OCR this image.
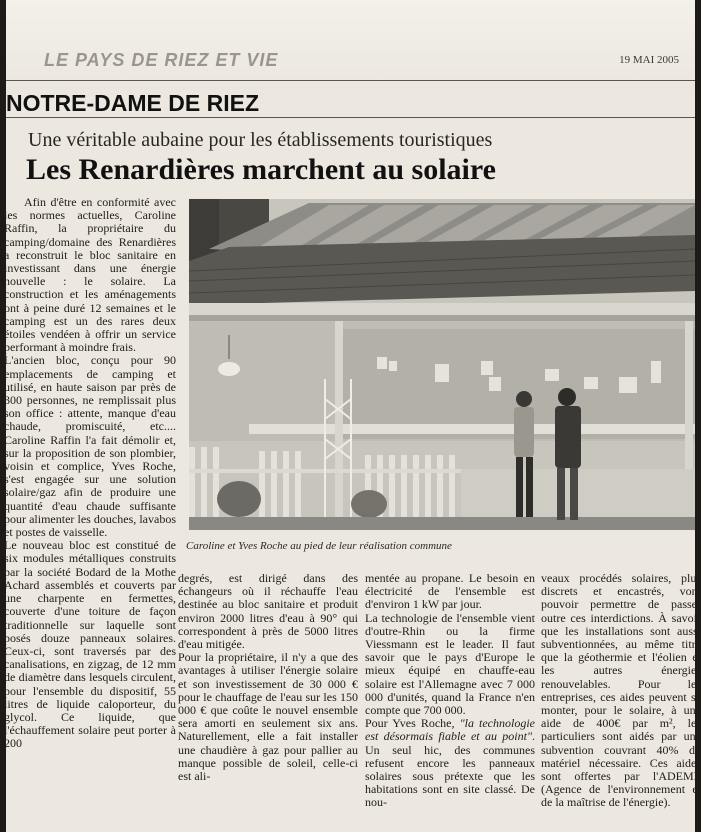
LE PAYS DE RIEZ ET VIE	19 MAI 2005
NOTRE-DAME DE RIEZ
Une véritable aubaine pour les établissements touristiques
Les Renardières marchent au solaire
Caroline et Yves Roche au pied de leur réalisation commune

Afin d'être en conformité avec les normes actuelles, Caroline Raffin, la propriétaire du camping/domaine des Renardières a reconstruit le bloc sanitaire en investissant dans une énergie nouvelle : le solaire. La construction et les aménagements ont à peine duré 12 semaines et le camping est un des rares deux étoiles vendéen à offrir un service performant à moindre frais.

L'ancien bloc, conçu pour 90 emplacements de camping et utilisé, en haute saison par près de 300 personnes, ne remplissait plus son office : attente, manque d'eau chaude, promiscuité, etc.... Caroline Raffin l'a fait démolir et, sur la proposition de son plombier, voisin et complice, Yves Roche, s'est engagée sur une solution solaire/gaz afin de produire une quantité d'eau chaude suffisante pour alimenter les douches, lavabos et postes de vaisselle.

Le nouveau bloc est constitué de six modules métalliques construits par la société Bodard de la Mothe Achard assemblés et couverts par une charpente en fermettes, couverte d'une toiture de façon traditionnelle sur laquelle sont posés douze panneaux solaires. Ceux-ci, sont traversés par des canalisations, en zigzag, de 12 mm de diamètre dans lesquels circulent, pour l'ensemble du dispositif, 55 litres de liquide caloporteur, du glycol. Ce liquide, que l'échauffement solaire peut porter à 200

degrés, est dirigé dans des échangeurs où il réchauffe l'eau destinée au bloc sanitaire et produit environ 2000 litres d'eau à 90° qui correspondent à près de 5000 litres d'eau mitigée.

Pour la propriétaire, il n'y a que des avantages à utiliser l'énergie solaire et son investissement de 30 000 € pour le chauffage de l'eau sur les 150 000 € que coûte le nouvel ensemble sera amorti en seulement six ans. Naturellement, elle a fait installer une chaudière à gaz pour pallier au manque possible de soleil, celle-ci est ali-

mentée au propane. Le besoin en électricité de l'ensemble est d'environ 1 kW par jour.

La technologie de l'ensemble vient d'outre-Rhin ou la firme Viessmann est le leader. Il faut savoir que le pays d'Europe le mieux équipé en chauffe-eau solaire est l'Allemagne avec 7 000 000 d'unités, quand la France n'en compte que 700 000.

Pour Yves Roche, "la technologie est désormais fiable et au point". Un seul hic, des communes refusent encore les panneaux solaires sous prétexte que les habitations sont en site classé. De nou-

veaux procédés solaires, plus discrets et encastrés, vont pouvoir permettre de passer outre ces interdictions. À savoir que les installations sont aussi subventionnées, au même titre que la géothermie et l'éolien et les autres énergies renouvelables. Pour les entreprises, ces aides peuvent se monter, pour le solaire, à une aide de 400€ par m², les particuliers sont aidés par une subvention couvrant 40% du matériel nécessaire. Ces aides sont offertes par l'ADEME (Agence de l'environnement et de la maîtrise de l'énergie).
